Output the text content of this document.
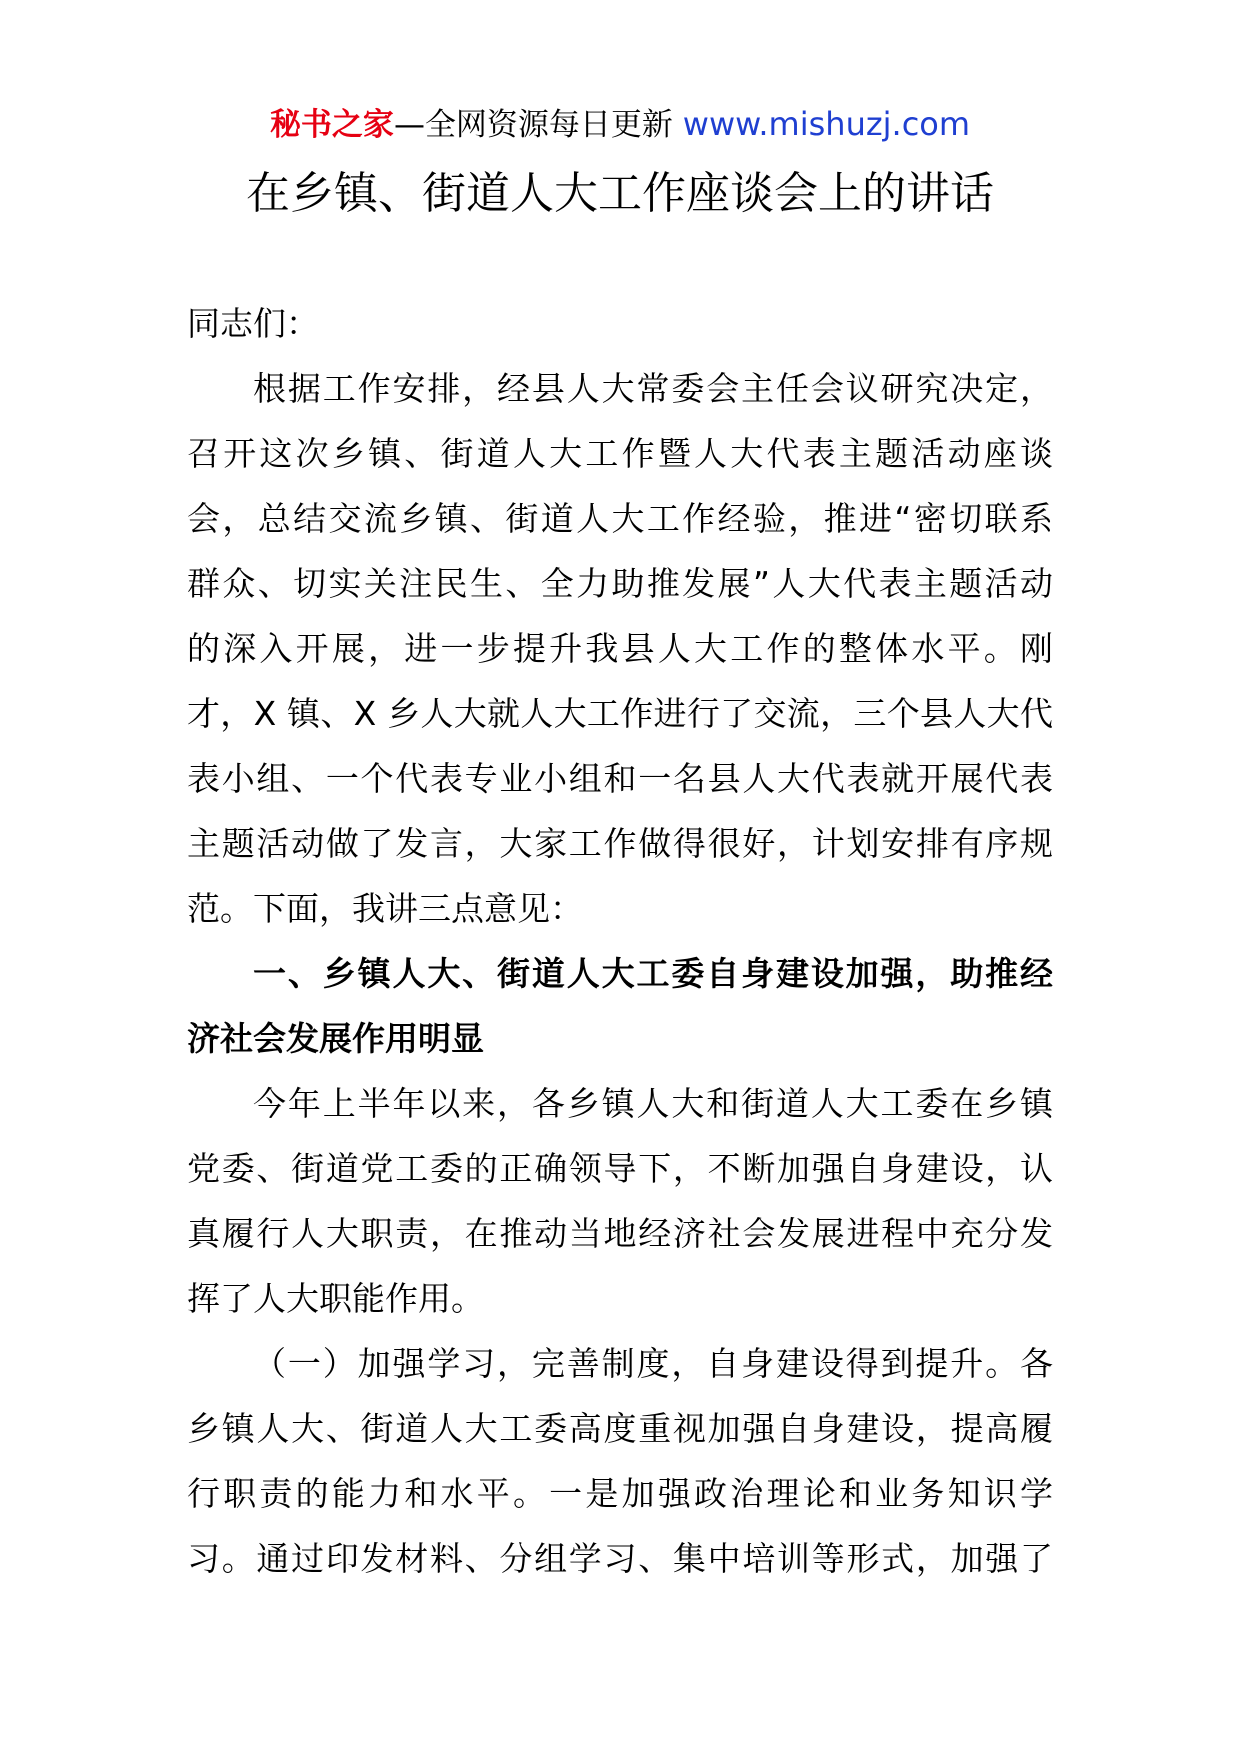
秘书之家—全网资源每日更新 www.mishuzj.com
在乡镇、街道人大工作座谈会上的讲话
同志们：
根据工作安排，经县人大常委会主任会议研究决定，
召开这次乡镇、街道人大工作暨人大代表主题活动座谈
会，总结交流乡镇、街道人大工作经验，推进“密切联系
群众、切实关注民生、全力助推发展”人大代表主题活动
的深入开展，进一步提升我县人大工作的整体水平。刚
才，X 镇、X 乡人大就人大工作进行了交流，三个县人大代
表小组、一个代表专业小组和一名县人大代表就开展代表
主题活动做了发言，大家工作做得很好，计划安排有序规
范。下面，我讲三点意见：
一、乡镇人大、街道人大工委自身建设加强，助推经
济社会发展作用明显
今年上半年以来，各乡镇人大和街道人大工委在乡镇
党委、街道党工委的正确领导下，不断加强自身建设，认
真履行人大职责，在推动当地经济社会发展进程中充分发
挥了人大职能作用。
（一）加强学习，完善制度，自身建设得到提升。各
乡镇人大、街道人大工委高度重视加强自身建设，提高履
行职责的能力和水平。一是加强政治理论和业务知识学
习。通过印发材料、分组学习、集中培训等形式，加强了
